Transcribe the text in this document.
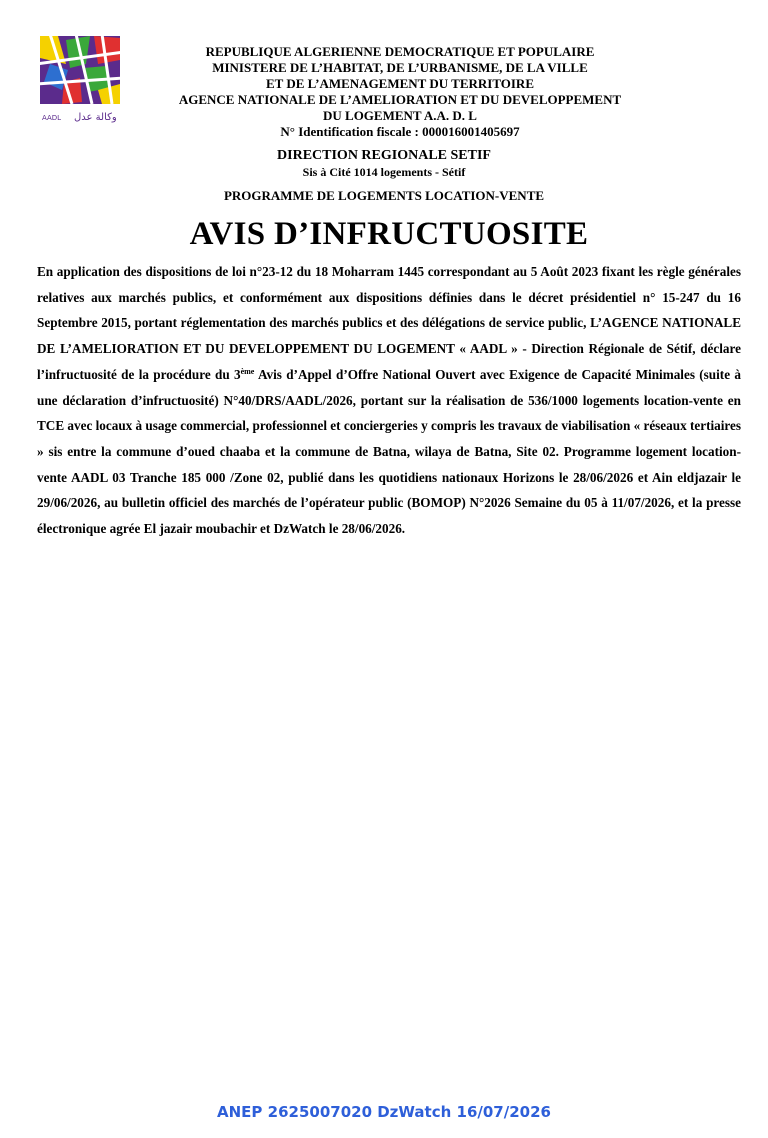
AADL وكالة عدل
REPUBLIQUE ALGERIENNE DEMOCRATIQUE ET POPULAIRE
MINISTERE DE L’HABITAT, DE L’URBANISME, DE LA VILLE
ET DE L’AMENAGEMENT DU TERRITOIRE
AGENCE NATIONALE DE L’AMELIORATION ET DU DEVELOPPEMENT
DU LOGEMENT A.A. D. L
N° Identification fiscale : 000016001405697
DIRECTION REGIONALE SETIF
Sis à Cité 1014 logements - Sétif
PROGRAMME DE LOGEMENTS LOCATION-VENTE
AVIS D’INFRUCTUOSITE

En application des dispositions de loi n°23-12 du 18 Moharram 1445 correspondant au 5 Août 2023 fixant les règle générales relatives aux marchés publics, et conformément aux dispositions définies dans le décret présidentiel n° 15-247 du 16 Septembre 2015, portant réglementation des marchés publics et des délégations de service public, L’AGENCE NATIONALE DE L’AMELIORATION ET DU DEVELOPPEMENT DU LOGEMENT « AADL » - Direction Régionale de Sétif, déclare l’infructuosité de la procédure du 3ème Avis d’Appel d’Offre National Ouvert avec Exigence de Capacité Minimales (suite à une déclaration d’infructuosité) N°40/DRS/AADL/2026, portant sur la réalisation de 536/1000 logements location-vente en TCE avec locaux à usage commercial, professionnel et conciergeries y compris les travaux de viabilisation « réseaux tertiaires » sis entre la commune d’oued chaaba et la commune de Batna, wilaya de Batna, Site 02. Programme logement location-vente AADL 03 Tranche 185 000 /Zone 02, publié dans les quotidiens nationaux Horizons le 28/06/2026 et Ain eldjazair le 29/06/2026, au bulletin officiel des marchés de l’opérateur public (BOMOP) N°2026 Semaine du 05 à 11/07/2026, et la presse électronique agrée El jazair moubachir et DzWatch le 28/06/2026.

ANEP 2625007020 DzWatch 16/07/2026
